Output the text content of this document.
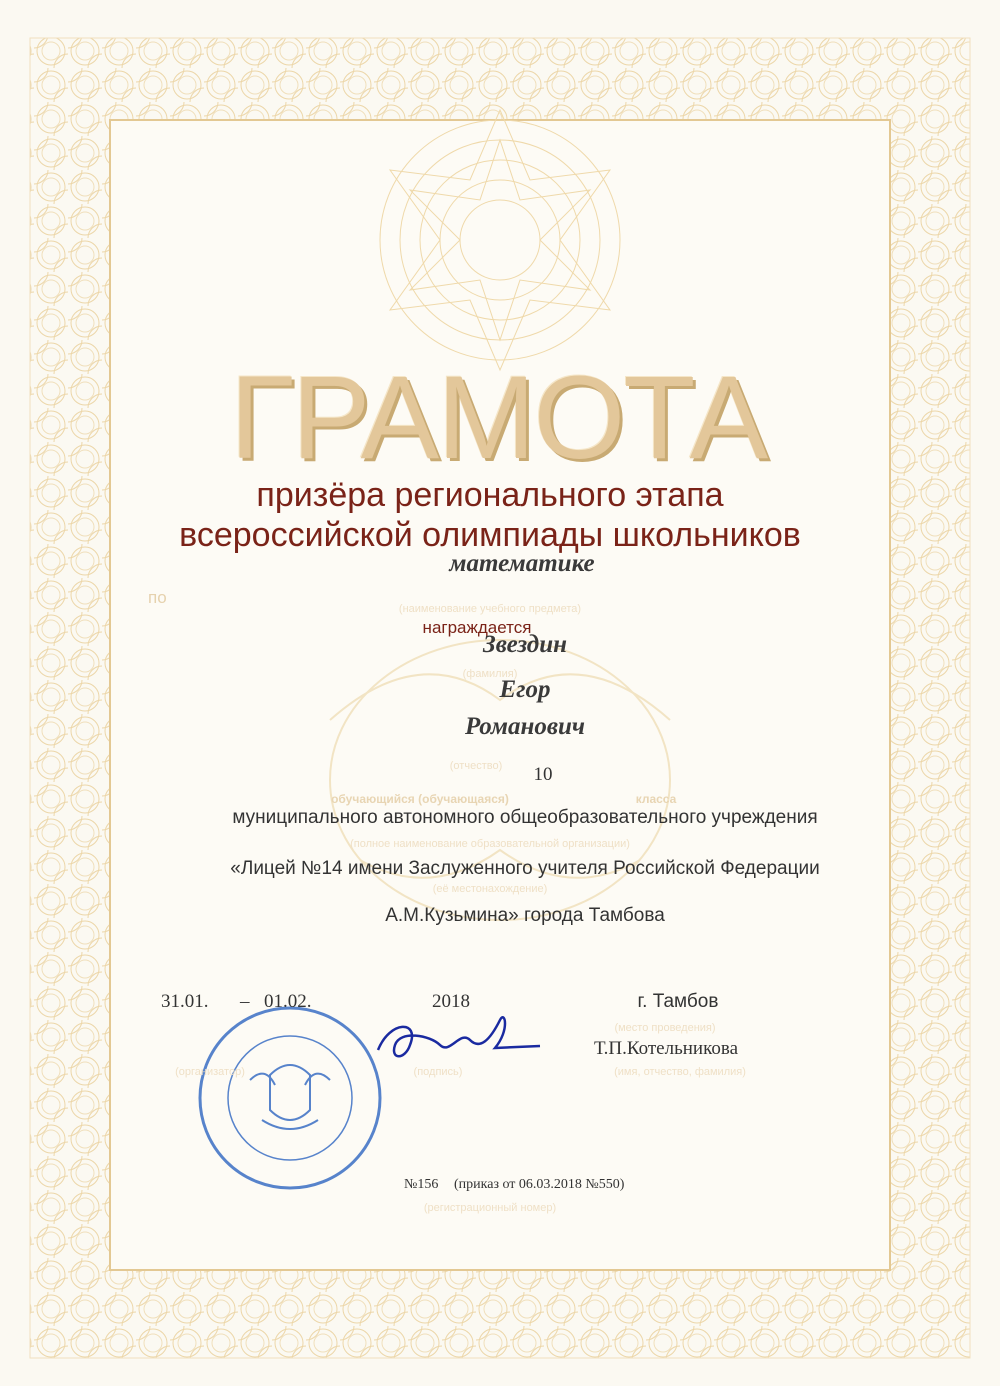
ГРАМОТА
призёра регионального этапа
всероссийской олимпиады школьников
по
математике
(наименование учебного предмета)
награждается
Звездин
(фамилия)
Егор
Романович
(отчество) 10
обучающийся (обучающаяся)	класса
муниципального автономного общеобразовательного учреждения
(полное наименование образовательной организации)
«Лицей №14 имени Заслуженного учителя Российской Федерации
(её местонахождение)
А.М.Кузьмина» города Тамбова
31.01. – 01.02.	2018	г. Тамбов
(место проведения)
Т.П.Котельникова
(организатор)	(подпись)	(имя, отчество, фамилия)
№156 (приказ от 06.03.2018 №550)
(регистрационный номер)
